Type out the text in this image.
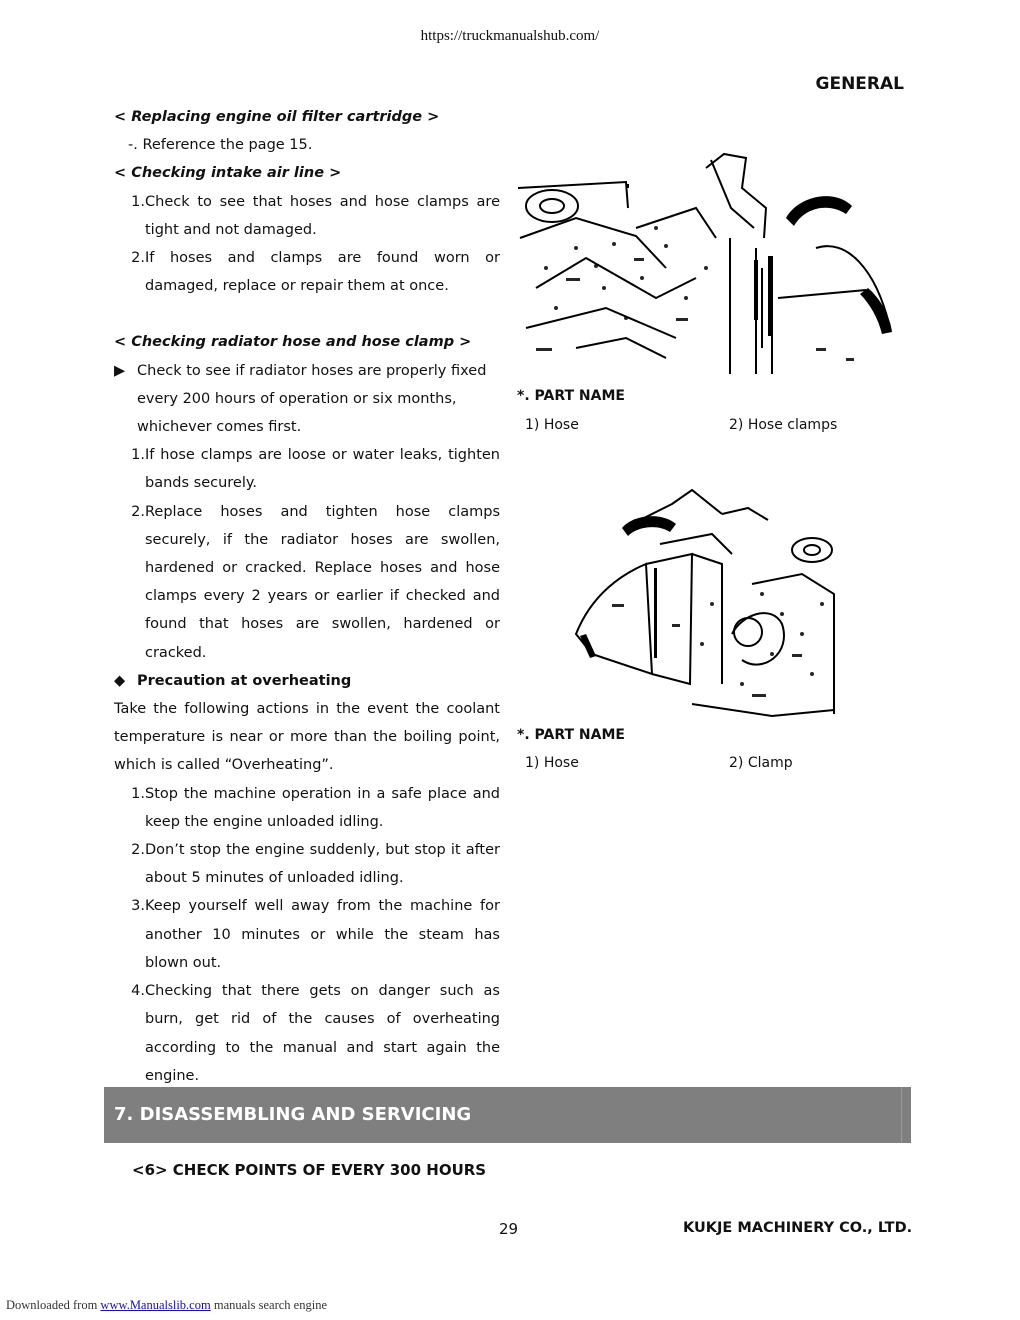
https://truckmanualshub.com/
GENERAL

< Replacing engine oil filter cartridge >

-. Reference the page 15.

< Checking intake air line >

1. Check to see that hoses and hose clamps are tight and not damaged.
2. If hoses and clamps are found worn or damaged, replace or repair them at once.

< Checking radiator hose and hose clamp >

▶ Check to see if radiator hoses are properly fixed every 200 hours of operation or six months, whichever comes first.
1. If hose clamps are loose or water leaks, tighten bands securely.
2. Replace hoses and tighten hose clamps securely, if the radiator hoses are swollen, hardened or cracked. Replace hoses and hose clamps every 2 years or earlier if checked and found that hoses are swollen, hardened or cracked.
◆ Precaution at overheating

Take the following actions in the event the coolant temperature is near or more than the boiling point, which is called “Overheating”.

1. Stop the machine operation in a safe place and keep the engine unloaded idling.
2. Don’t stop the engine suddenly, but stop it after about 5 minutes of unloaded idling.
3. Keep yourself well away from the machine for another 10 minutes or while the steam has blown out.
4. Checking that there gets on danger such as burn, get rid of the causes of overheating according to the manual and start again the engine.
*. PART NAME
1) Hose	2) Hose clamps
*. PART NAME
1) Hose	2) Clamp
7. DISASSEMBLING AND SERVICING
<6> CHECK POINTS OF EVERY 300 HOURS
29	KUKJE MACHINERY CO., LTD.
Downloaded from www.Manualslib.com manuals search engine
